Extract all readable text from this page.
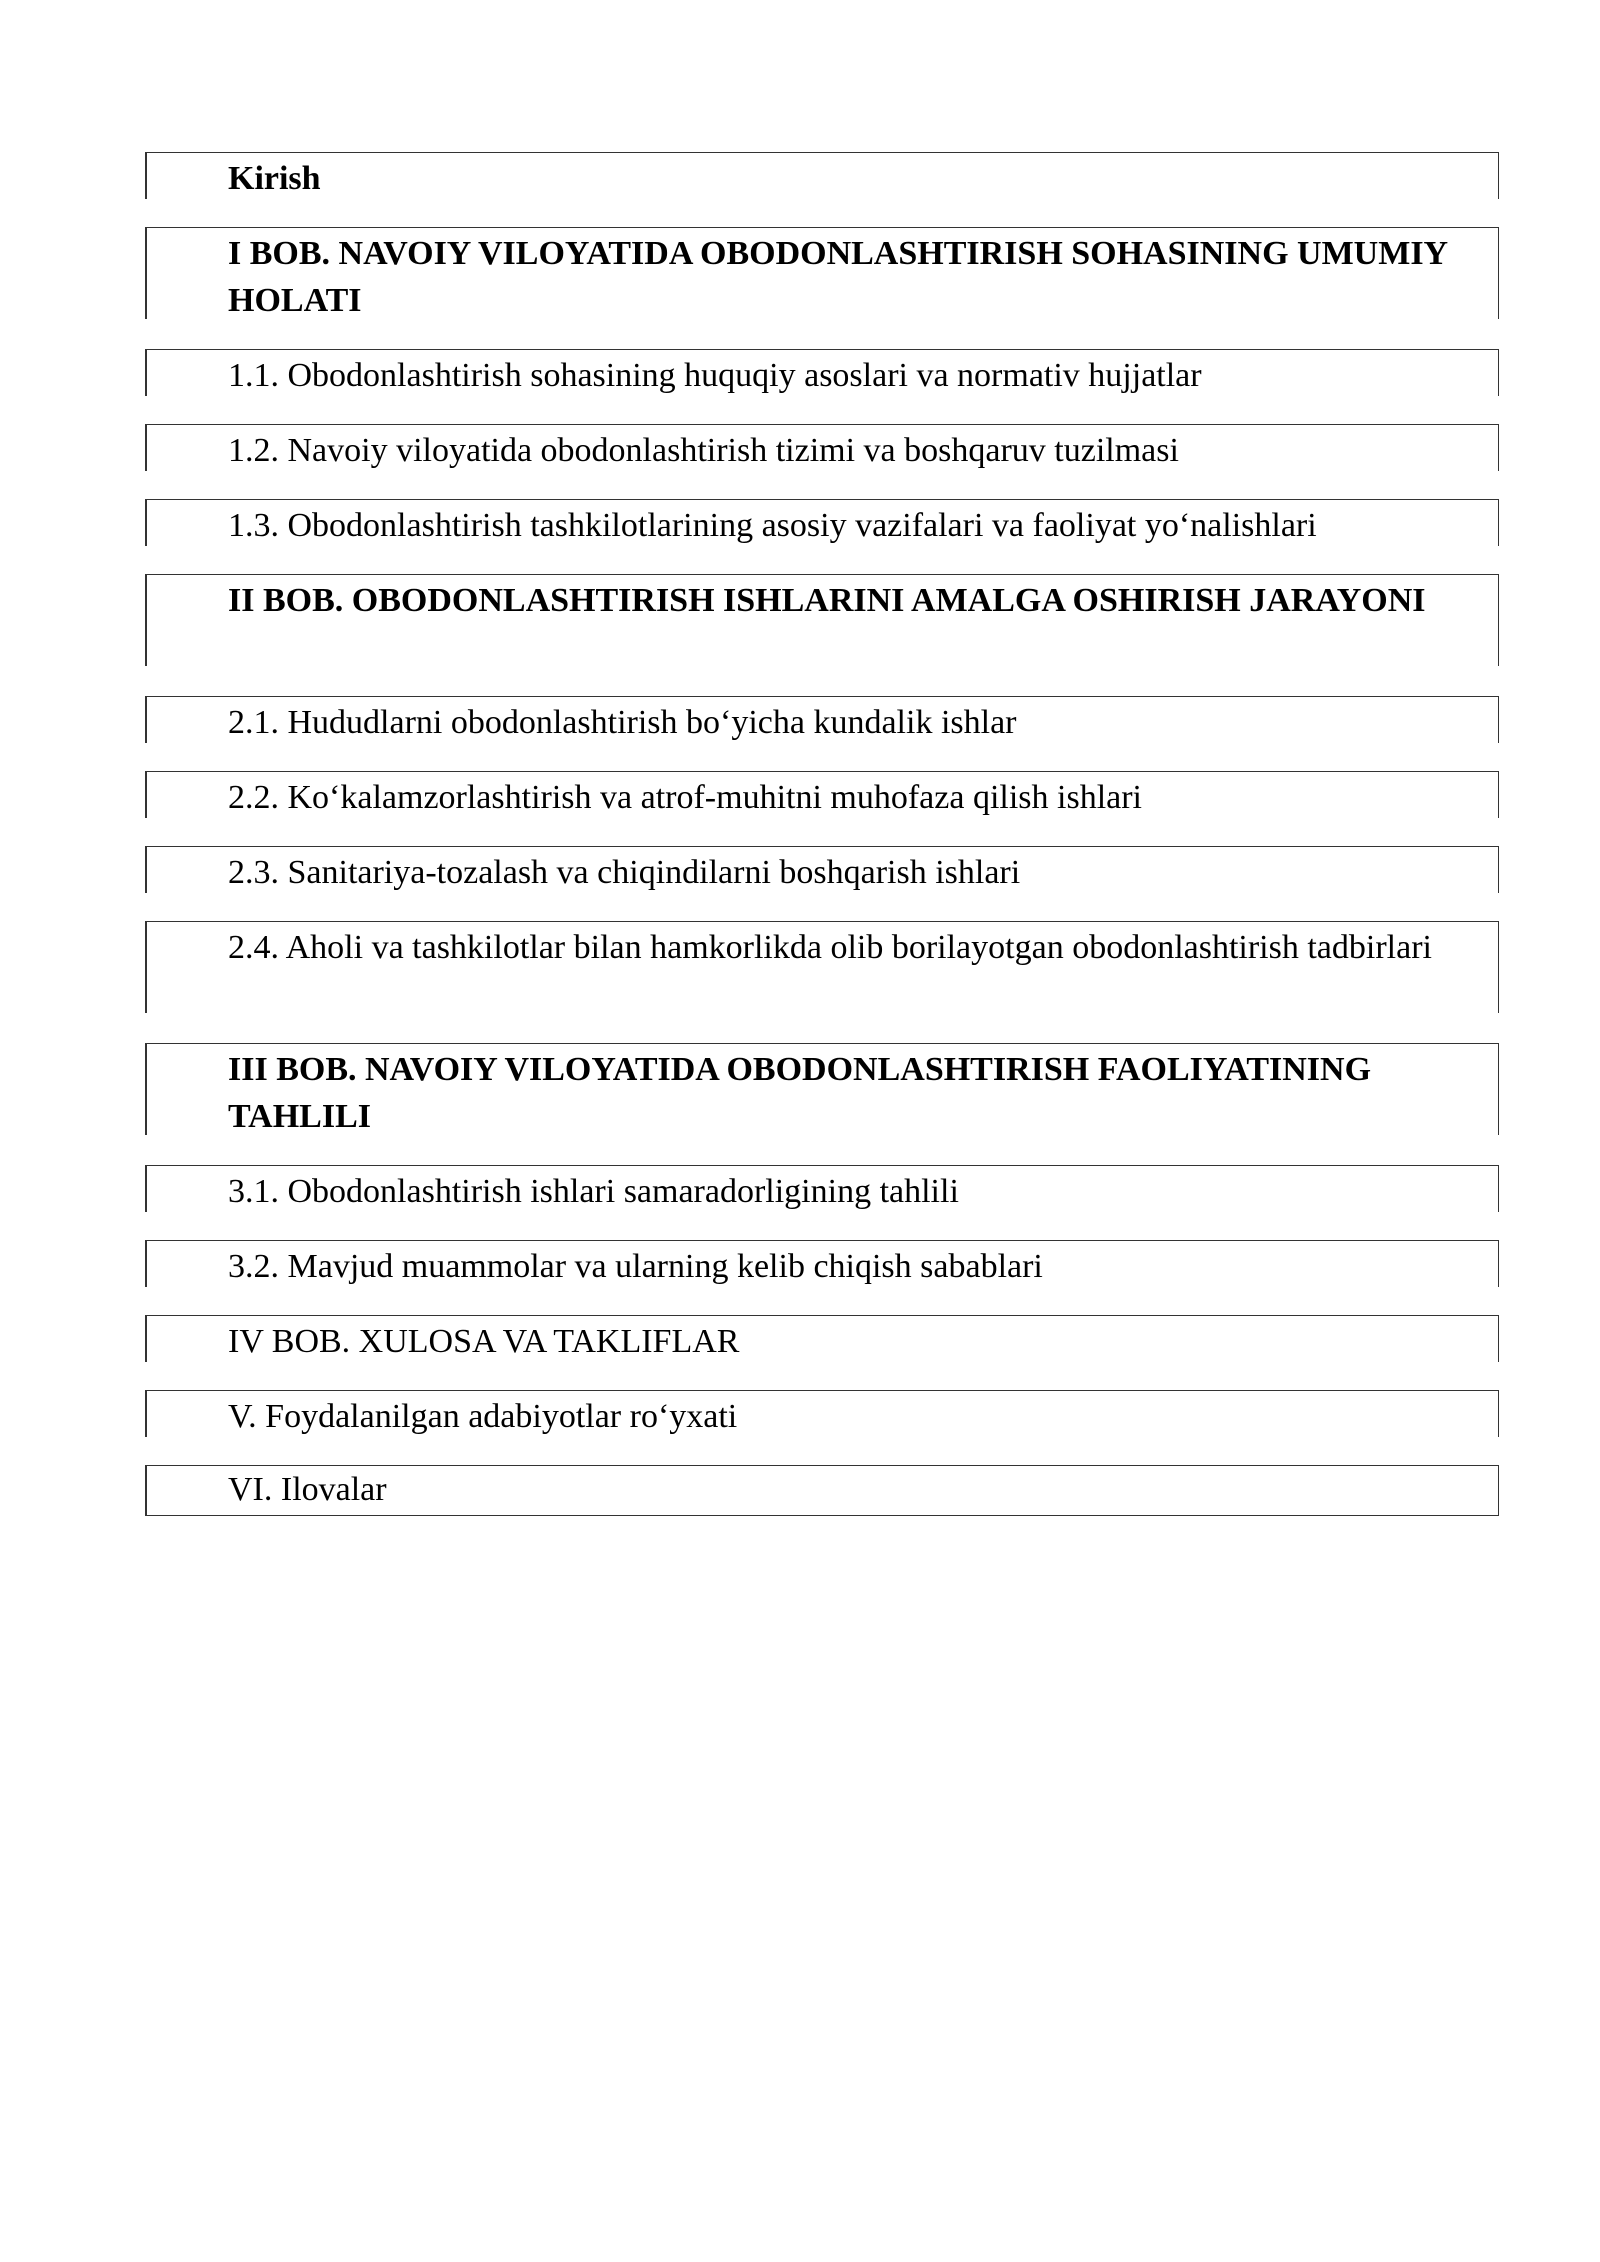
Kirish
I BOB. NAVOIY VILOYATIDA OBODONLASHTIRISH SOHASINING UMUMIY HOLATI
1.1. Obodonlashtirish sohasining huquqiy asoslari va normativ hujjatlar
1.2. Navoiy viloyatida obodonlashtirish tizimi va boshqaruv tuzilmasi
1.3. Obodonlashtirish tashkilotlarining asosiy vazifalari va faoliyat yo‘nalishlari
II BOB. OBODONLASHTIRISH ISHLARINI AMALGA OSHIRISH JARAYONI
2.1. Hududlarni obodonlashtirish bo‘yicha kundalik ishlar
2.2. Ko‘kalamzorlashtirish va atrof-muhitni muhofaza qilish ishlari
2.3. Sanitariya-tozalash va chiqindilarni boshqarish ishlari
2.4. Aholi va tashkilotlar bilan hamkorlikda olib borilayotgan obodonlashtirish tadbirlari
III BOB. NAVOIY VILOYATIDA OBODONLASHTIRISH FAOLIYATINING TAHLILI
3.1. Obodonlashtirish ishlari samaradorligining tahlili
3.2. Mavjud muammolar va ularning kelib chiqish sabablari
IV BOB. XULOSA VA TAKLIFLAR
V. Foydalanilgan adabiyotlar ro‘yxati
VI. Ilovalar
